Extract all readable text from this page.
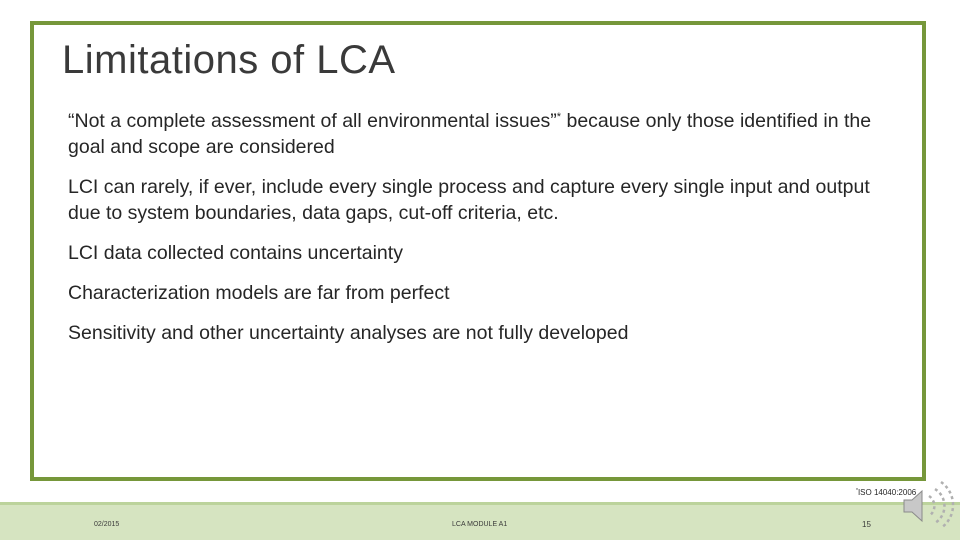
Limitations of LCA
“Not a complete assessment of all environmental issues”* because only those identified in the goal and scope are considered
LCI can rarely, if ever, include every single process and capture every single input and output due to system boundaries, data gaps, cut-off criteria, etc.
LCI data collected contains uncertainty
Characterization models are far from perfect
Sensitivity and other uncertainty analyses are not fully developed
*ISO 14040:2006
02/2015	LCA MODULE A1	15
